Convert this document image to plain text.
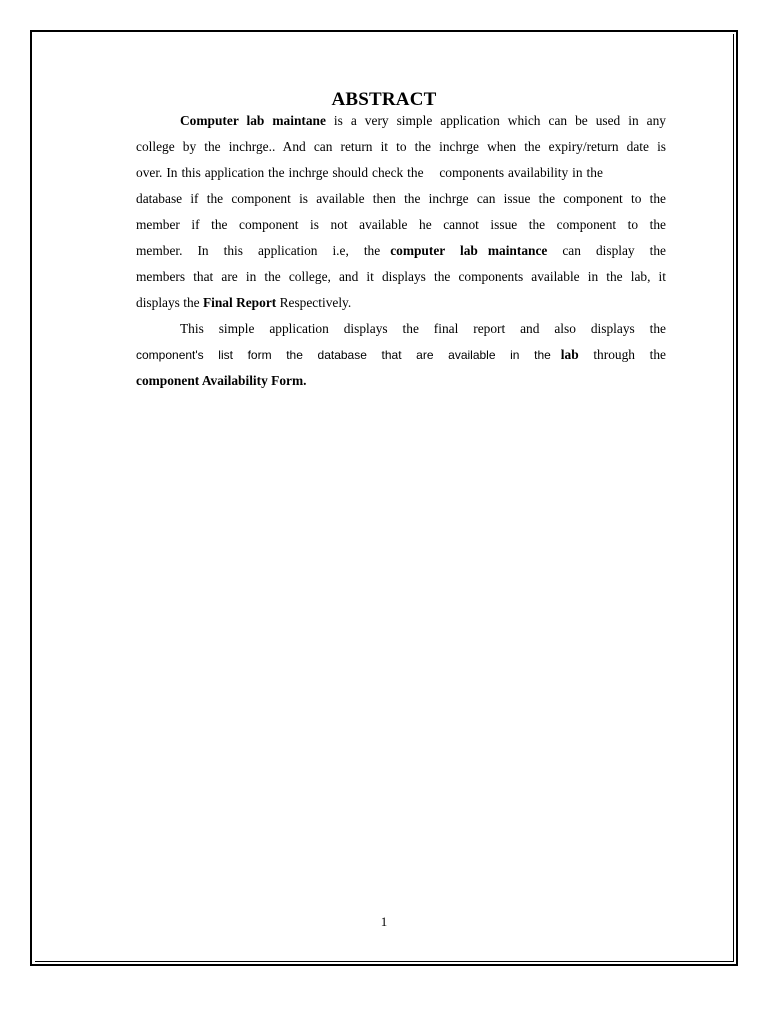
ABSTRACT
Computer lab maintane is a very simple application which can be used in any
college by the inchrge.. And can return it to the inchrge when the expiry/return date is
over. In this application the inchrge should check the    components availability in the
database if the component is available then the inchrge can issue the component to the
member if the component is not available he cannot issue the component to the
member. In this application i.e, the computer lab maintance can display the
members that are in the college, and it displays the components available in the lab, it
displays the Final Report Respectively.
This simple application displays the final report and also displays the
component's list form the database that are available in the lab through the
component Availability Form.
1
